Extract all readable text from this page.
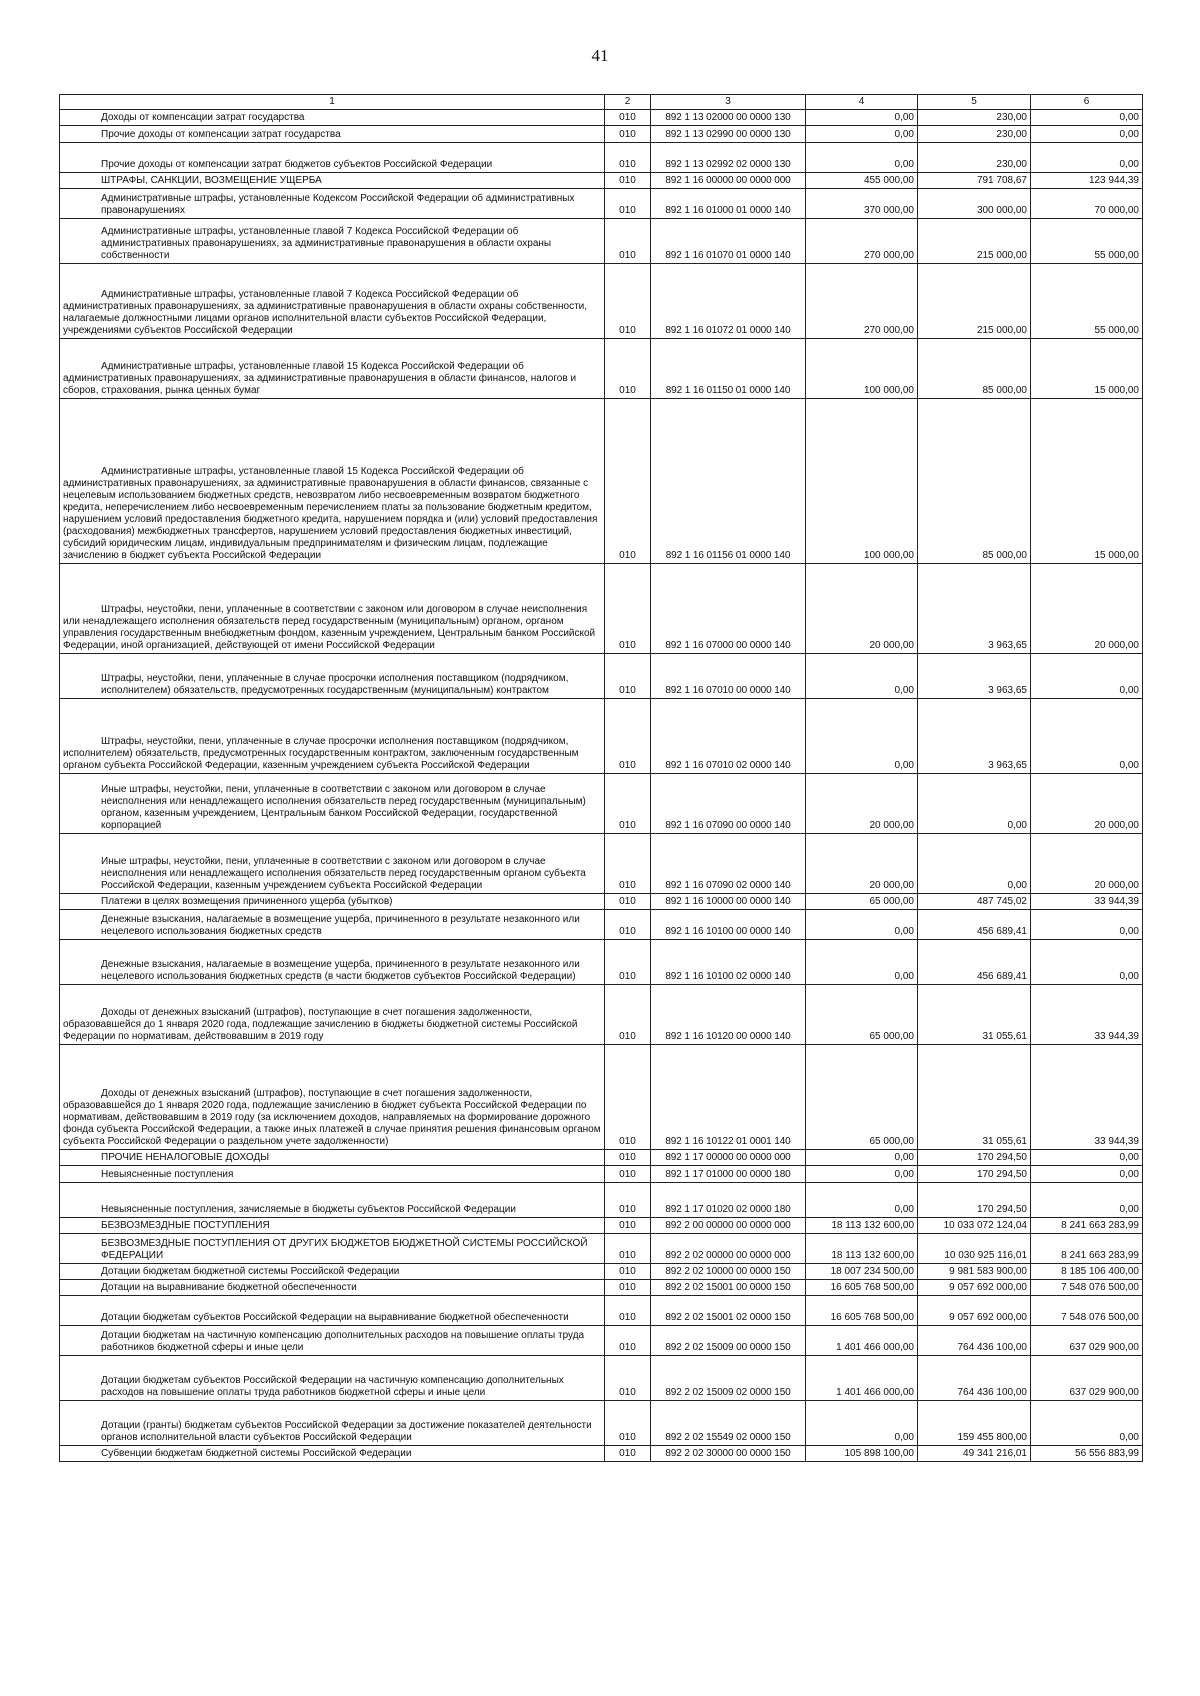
41
1	2	3	4	5	6

Доходы от компенсации затрат государства	010	892 1 13 02000 00 0000 130	0,00	230,00	0,00

Прочие доходы от компенсации затрат государства	010	892 1 13 02990 00 0000 130	0,00	230,00	0,00

Прочие доходы от компенсации затрат бюджетов субъектов Российской Федерации	010	892 1 13 02992 02 0000 130	0,00	230,00	0,00

ШТРАФЫ, САНКЦИИ, ВОЗМЕЩЕНИЕ УЩЕРБА	010	892 1 16 00000 00 0000 000	455 000,00	791 708,67	123 944,39

Административные штрафы, установленные Кодексом Российской Федерации об административных правонарушениях	010	892 1 16 01000 01 0000 140	370 000,00	300 000,00	70 000,00

Административные штрафы, установленные главой 7 Кодекса Российской Федерации об административных правонарушениях, за административные правонарушения в области охраны собственности	010	892 1 16 01070 01 0000 140	270 000,00	215 000,00	55 000,00

Административные штрафы, установленные главой 7 Кодекса Российской Федерации об административных правонарушениях, за административные правонарушения в области охраны собственности, налагаемые должностными лицами органов исполнительной власти субъектов Российской Федерации, учреждениями субъектов Российской Федерации	010	892 1 16 01072 01 0000 140	270 000,00	215 000,00	55 000,00

Административные штрафы, установленные главой 15 Кодекса Российской Федерации об административных правонарушениях, за административные правонарушения в области финансов, налогов и сборов, страхования, рынка ценных бумаг	010	892 1 16 01150 01 0000 140	100 000,00	85 000,00	15 000,00

Административные штрафы, установленные главой 15 Кодекса Российской Федерации об административных правонарушениях, за административные правонарушения в области финансов, связанные с нецелевым использованием бюджетных средств, невозвратом либо несвоевременным возвратом бюджетного кредита, неперечислением либо несвоевременным перечислением платы за пользование бюджетным кредитом, нарушением условий предоставления бюджетного кредита, нарушением порядка и (или) условий предоставления (расходования) межбюджетных трансфертов, нарушением условий предоставления бюджетных инвестиций, субсидий юридическим лицам, индивидуальным предпринимателям и физическим лицам, подлежащие зачислению в бюджет субъекта Российской Федерации	010	892 1 16 01156 01 0000 140	100 000,00	85 000,00	15 000,00

Штрафы, неустойки, пени, уплаченные в соответствии с законом или договором в случае неисполнения или ненадлежащего исполнения обязательств перед государственным (муниципальным) органом, органом управления государственным внебюджетным фондом, казенным учреждением, Центральным банком Российской Федерации, иной организацией, действующей от имени Российской Федерации	010	892 1 16 07000 00 0000 140	20 000,00	3 963,65	20 000,00

Штрафы, неустойки, пени, уплаченные в случае просрочки исполнения поставщиком (подрядчиком, исполнителем) обязательств, предусмотренных государственным (муниципальным) контрактом	010	892 1 16 07010 00 0000 140	0,00	3 963,65	0,00

Штрафы, неустойки, пени, уплаченные в случае просрочки исполнения поставщиком (подрядчиком, исполнителем) обязательств, предусмотренных государственным контрактом, заключенным государственным органом субъекта Российской Федерации, казенным учреждением субъекта Российской Федерации	010	892 1 16 07010 02 0000 140	0,00	3 963,65	0,00

Иные штрафы, неустойки, пени, уплаченные в соответствии с законом или договором в случае неисполнения или ненадлежащего исполнения обязательств перед государственным (муниципальным) органом, казенным учреждением, Центральным банком Российской Федерации, государственной корпорацией	010	892 1 16 07090 00 0000 140	20 000,00	0,00	20 000,00

Иные штрафы, неустойки, пени, уплаченные в соответствии с законом или договором в случае неисполнения или ненадлежащего исполнения обязательств перед государственным органом субъекта Российской Федерации, казенным учреждением субъекта Российской Федерации	010	892 1 16 07090 02 0000 140	20 000,00	0,00	20 000,00

Платежи в целях возмещения причиненного ущерба (убытков)	010	892 1 16 10000 00 0000 140	65 000,00	487 745,02	33 944,39

Денежные взыскания, налагаемые в возмещение ущерба, причиненного в результате незаконного или нецелевого использования бюджетных средств	010	892 1 16 10100 00 0000 140	0,00	456 689,41	0,00

Денежные взыскания, налагаемые в возмещение ущерба, причиненного в результате незаконного или нецелевого использования бюджетных средств (в части бюджетов субъектов Российской Федерации)	010	892 1 16 10100 02 0000 140	0,00	456 689,41	0,00

Доходы от денежных взысканий (штрафов), поступающие в счет погашения задолженности, образовавшейся до 1 января 2020 года, подлежащие зачислению в бюджеты бюджетной системы Российской Федерации по нормативам, действовавшим в 2019 году	010	892 1 16 10120 00 0000 140	65 000,00	31 055,61	33 944,39

Доходы от денежных взысканий (штрафов), поступающие в счет погашения задолженности, образовавшейся до 1 января 2020 года, подлежащие зачислению в бюджет субъекта Российской Федерации по нормативам, действовавшим в 2019 году (за исключением доходов, направляемых на формирование дорожного фонда субъекта Российской Федерации, а также иных платежей в случае принятия решения финансовым органом субъекта Российской Федерации о раздельном учете задолженности)	010	892 1 16 10122 01 0001 140	65 000,00	31 055,61	33 944,39

ПРОЧИЕ НЕНАЛОГОВЫЕ ДОХОДЫ	010	892 1 17 00000 00 0000 000	0,00	170 294,50	0,00

Невыясненные поступления	010	892 1 17 01000 00 0000 180	0,00	170 294,50	0,00

Невыясненные поступления, зачисляемые в бюджеты субъектов Российской Федерации	010	892 1 17 01020 02 0000 180	0,00	170 294,50	0,00

БЕЗВОЗМЕЗДНЫЕ ПОСТУПЛЕНИЯ	010	892 2 00 00000 00 0000 000	18 113 132 600,00	10 033 072 124,04	8 241 663 283,99

БЕЗВОЗМЕЗДНЫЕ ПОСТУПЛЕНИЯ ОТ ДРУГИХ БЮДЖЕТОВ БЮДЖЕТНОЙ СИСТЕМЫ РОССИЙСКОЙ ФЕДЕРАЦИИ	010	892 2 02 00000 00 0000 000	18 113 132 600,00	10 030 925 116,01	8 241 663 283,99

Дотации бюджетам бюджетной системы Российской Федерации	010	892 2 02 10000 00 0000 150	18 007 234 500,00	9 981 583 900,00	8 185 106 400,00

Дотации на выравнивание бюджетной обеспеченности	010	892 2 02 15001 00 0000 150	16 605 768 500,00	9 057 692 000,00	7 548 076 500,00

Дотации бюджетам субъектов Российской Федерации на выравнивание бюджетной обеспеченности	010	892 2 02 15001 02 0000 150	16 605 768 500,00	9 057 692 000,00	7 548 076 500,00

Дотации бюджетам на частичную компенсацию дополнительных расходов на повышение оплаты труда работников бюджетной сферы и иные цели	010	892 2 02 15009 00 0000 150	1 401 466 000,00	764 436 100,00	637 029 900,00

Дотации бюджетам субъектов Российской Федерации на частичную компенсацию дополнительных расходов на повышение оплаты труда работников бюджетной сферы и иные цели	010	892 2 02 15009 02 0000 150	1 401 466 000,00	764 436 100,00	637 029 900,00

Дотации (гранты) бюджетам субъектов Российской Федерации за достижение показателей деятельности органов исполнительной власти субъектов Российской Федерации	010	892 2 02 15549 02 0000 150	0,00	159 455 800,00	0,00

Субвенции бюджетам бюджетной системы Российской Федерации	010	892 2 02 30000 00 0000 150	105 898 100,00	49 341 216,01	56 556 883,99
